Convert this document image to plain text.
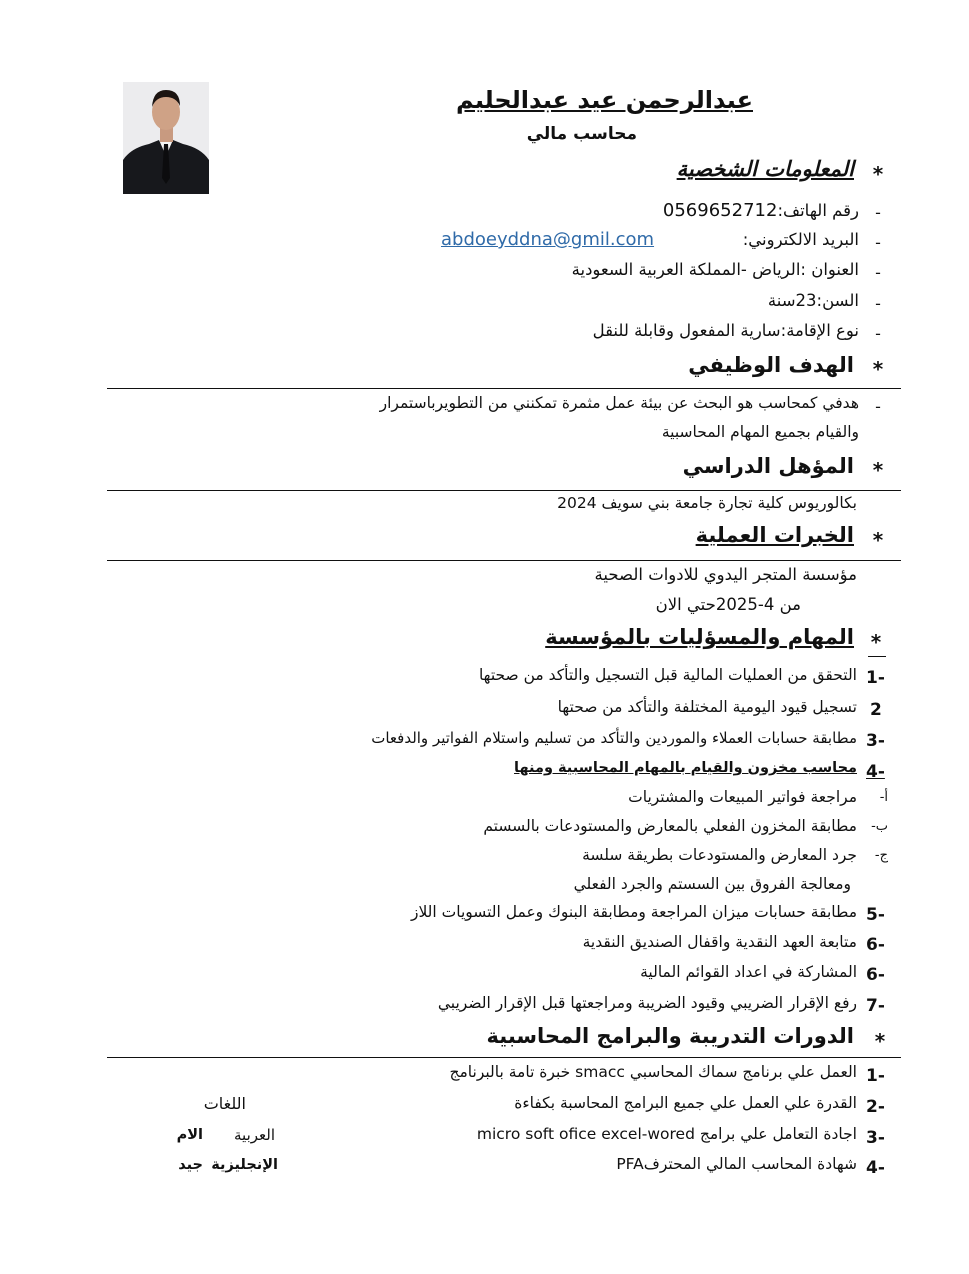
عبدالرحمن عيد عبدالحليم
محاسب مالي
*
المعلومات الشخصية
-
رقم الهاتف:0569652712
-
البريد الالكتروني:
abdoeyddna@gmil.com
-
العنوان :الرياض -المملكة العربية السعودية
-
السن:23سنة
-
نوع الإقامة:سارية المفعول وقابلة للنقل
*
الهدف الوظيفي
-
هدفي كمحاسب هو البحث عن بيئة عمل مثمرة تمكنني من التطويرباستمرار
والقيام بجميع المهام المحاسبية
*
المؤهل الدراسي
بكالوريوس كلية تجارة جامعة بني سويف 2024
*
الخبرات العملية
مؤسسة المتجر اليدوي للادوات الصحية
من 4-2025حتي الان
*
المهام والمسؤليات بالمؤسسة
1-
التحقق من العمليات المالية قبل التسجيل والتأكد من صحتها
2
تسجيل قيود اليومية المختلفة والتأكد من صحتها
3-
مطابقة حسابات العملاء والموردين والتأكد من تسليم واستلام الفواتير والدفعات
4-
محاسب مخزون والقيام بالمهام المحاسبية ومنها
أ-
مراجعة فواتير المبيعات والمشتريات
ب-
مطابقة المخزون الفعلي بالمعارض والمستودعات بالسستم
ج-
جرد المعارض والمستودعات بطريقة سلسة
ومعالجة الفروق بين السستم والجرد الفعلي
5-
مطابقة حسابات ميزان المراجعة ومطابقة البنوك وعمل التسويات اللاز
6-
متابعة العهد النقدية واقفال الصنديق النقدية
6-
المشاركة في اعداد القوائم المالية
7-
رفع الإقرار الضريبي وقيود الضريبة ومراجعتها قبل الإقرار الضريبي
*
الدورات التدريبة والبرامج المحاسبية
1-
العمل علي برنامج سماك المحاسبي smacc خبرة تامة بالبرنامج
2-
القدرة علي العمل علي جميع البرامج المحاسبة بكفاءة
3-
اجادة التعامل علي برامج micro soft ofice excel-wored
4-
شهادة المحاسب المالي المحترفPFA
اللغات
العربية
الام
الإنجليزية
جيد
